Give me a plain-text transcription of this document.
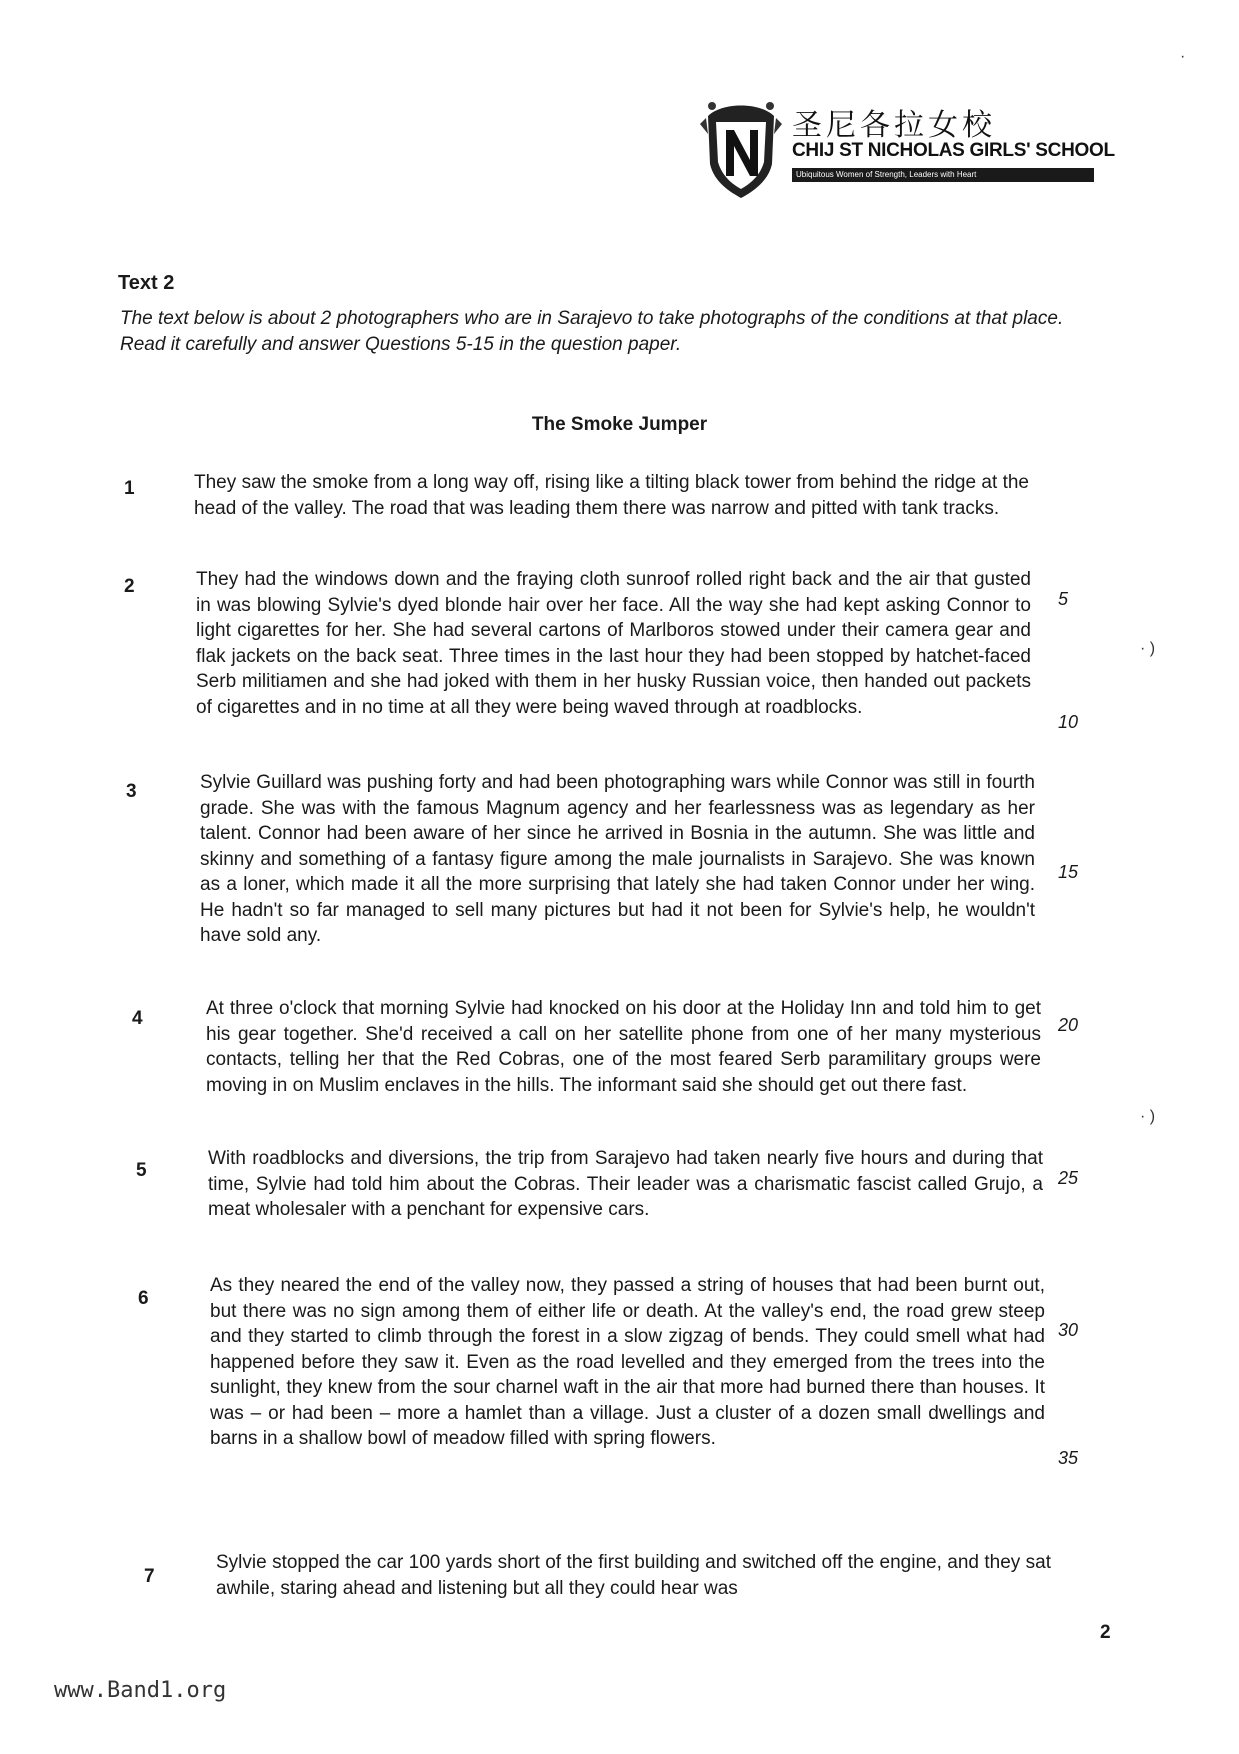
圣尼各拉女校
CHIJ ST NICHOLAS GIRLS' SCHOOL
Ubiquitous Women of Strength, Leaders with Heart
Text 2
The text below is about 2 photographers who are in Sarajevo to take photographs of the conditions at that place. Read it carefully and answer Questions 5-15 in the question paper.
The Smoke Jumper
1	They saw the smoke from a long way off, rising like a tilting black tower from behind the ridge at the head of the valley. The road that was leading them there was narrow and pitted with tank tracks.
2	They had the windows down and the fraying cloth sunroof rolled right back and the air that gusted in was blowing Sylvie's dyed blonde hair over her face. All the way she had kept asking Connor to light cigarettes for her. She had several cartons of Marlboros stowed under their camera gear and flak jackets on the back seat. Three times in the last hour they had been stopped by hatchet-faced Serb militiamen and she had joked with them in her husky Russian voice, then handed out packets of cigarettes and in no time at all they were being waved through at roadblocks.
5
10
3	Sylvie Guillard was pushing forty and had been photographing wars while Connor was still in fourth grade. She was with the famous Magnum agency and her fearlessness was as legendary as her talent. Connor had been aware of her since he arrived in Bosnia in the autumn. She was little and skinny and something of a fantasy figure among the male journalists in Sarajevo. She was known as a loner, which made it all the more surprising that lately she had taken Connor under her wing. He hadn't so far managed to sell many pictures but had it not been for Sylvie's help, he wouldn't have sold any.
15
4	At three o'clock that morning Sylvie had knocked on his door at the Holiday Inn and told him to get his gear together. She'd received a call on her satellite phone from one of her many mysterious contacts, telling her that the Red Cobras, one of the most feared Serb paramilitary groups were moving in on Muslim enclaves in the hills. The informant said she should get out there fast.
20
5
With roadblocks and diversions, the trip from Sarajevo had taken nearly five hours and during that time, Sylvie had told him about the Cobras. Their leader was a charismatic fascist called Grujo, a meat wholesaler with a penchant for expensive cars.
25
6
As they neared the end of the valley now, they passed a string of houses that had been burnt out, but there was no sign among them of either life or death. At the valley's end, the road grew steep and they started to climb through the forest in a slow zigzag of bends. They could smell what had happened before they saw it. Even as the road levelled and they emerged from the trees into the sunlight, they knew from the sour charnel waft in the air that more had burned there than houses. It was – or had been – more a hamlet than a village. Just a cluster of a dozen small dwellings and barns in a shallow bowl of meadow filled with spring flowers.
30
35
7
Sylvie stopped the car 100 yards short of the first building and switched off the engine, and they sat awhile, staring ahead and listening but all they could hear was
2
www.Band1.org
·
· )
· )
